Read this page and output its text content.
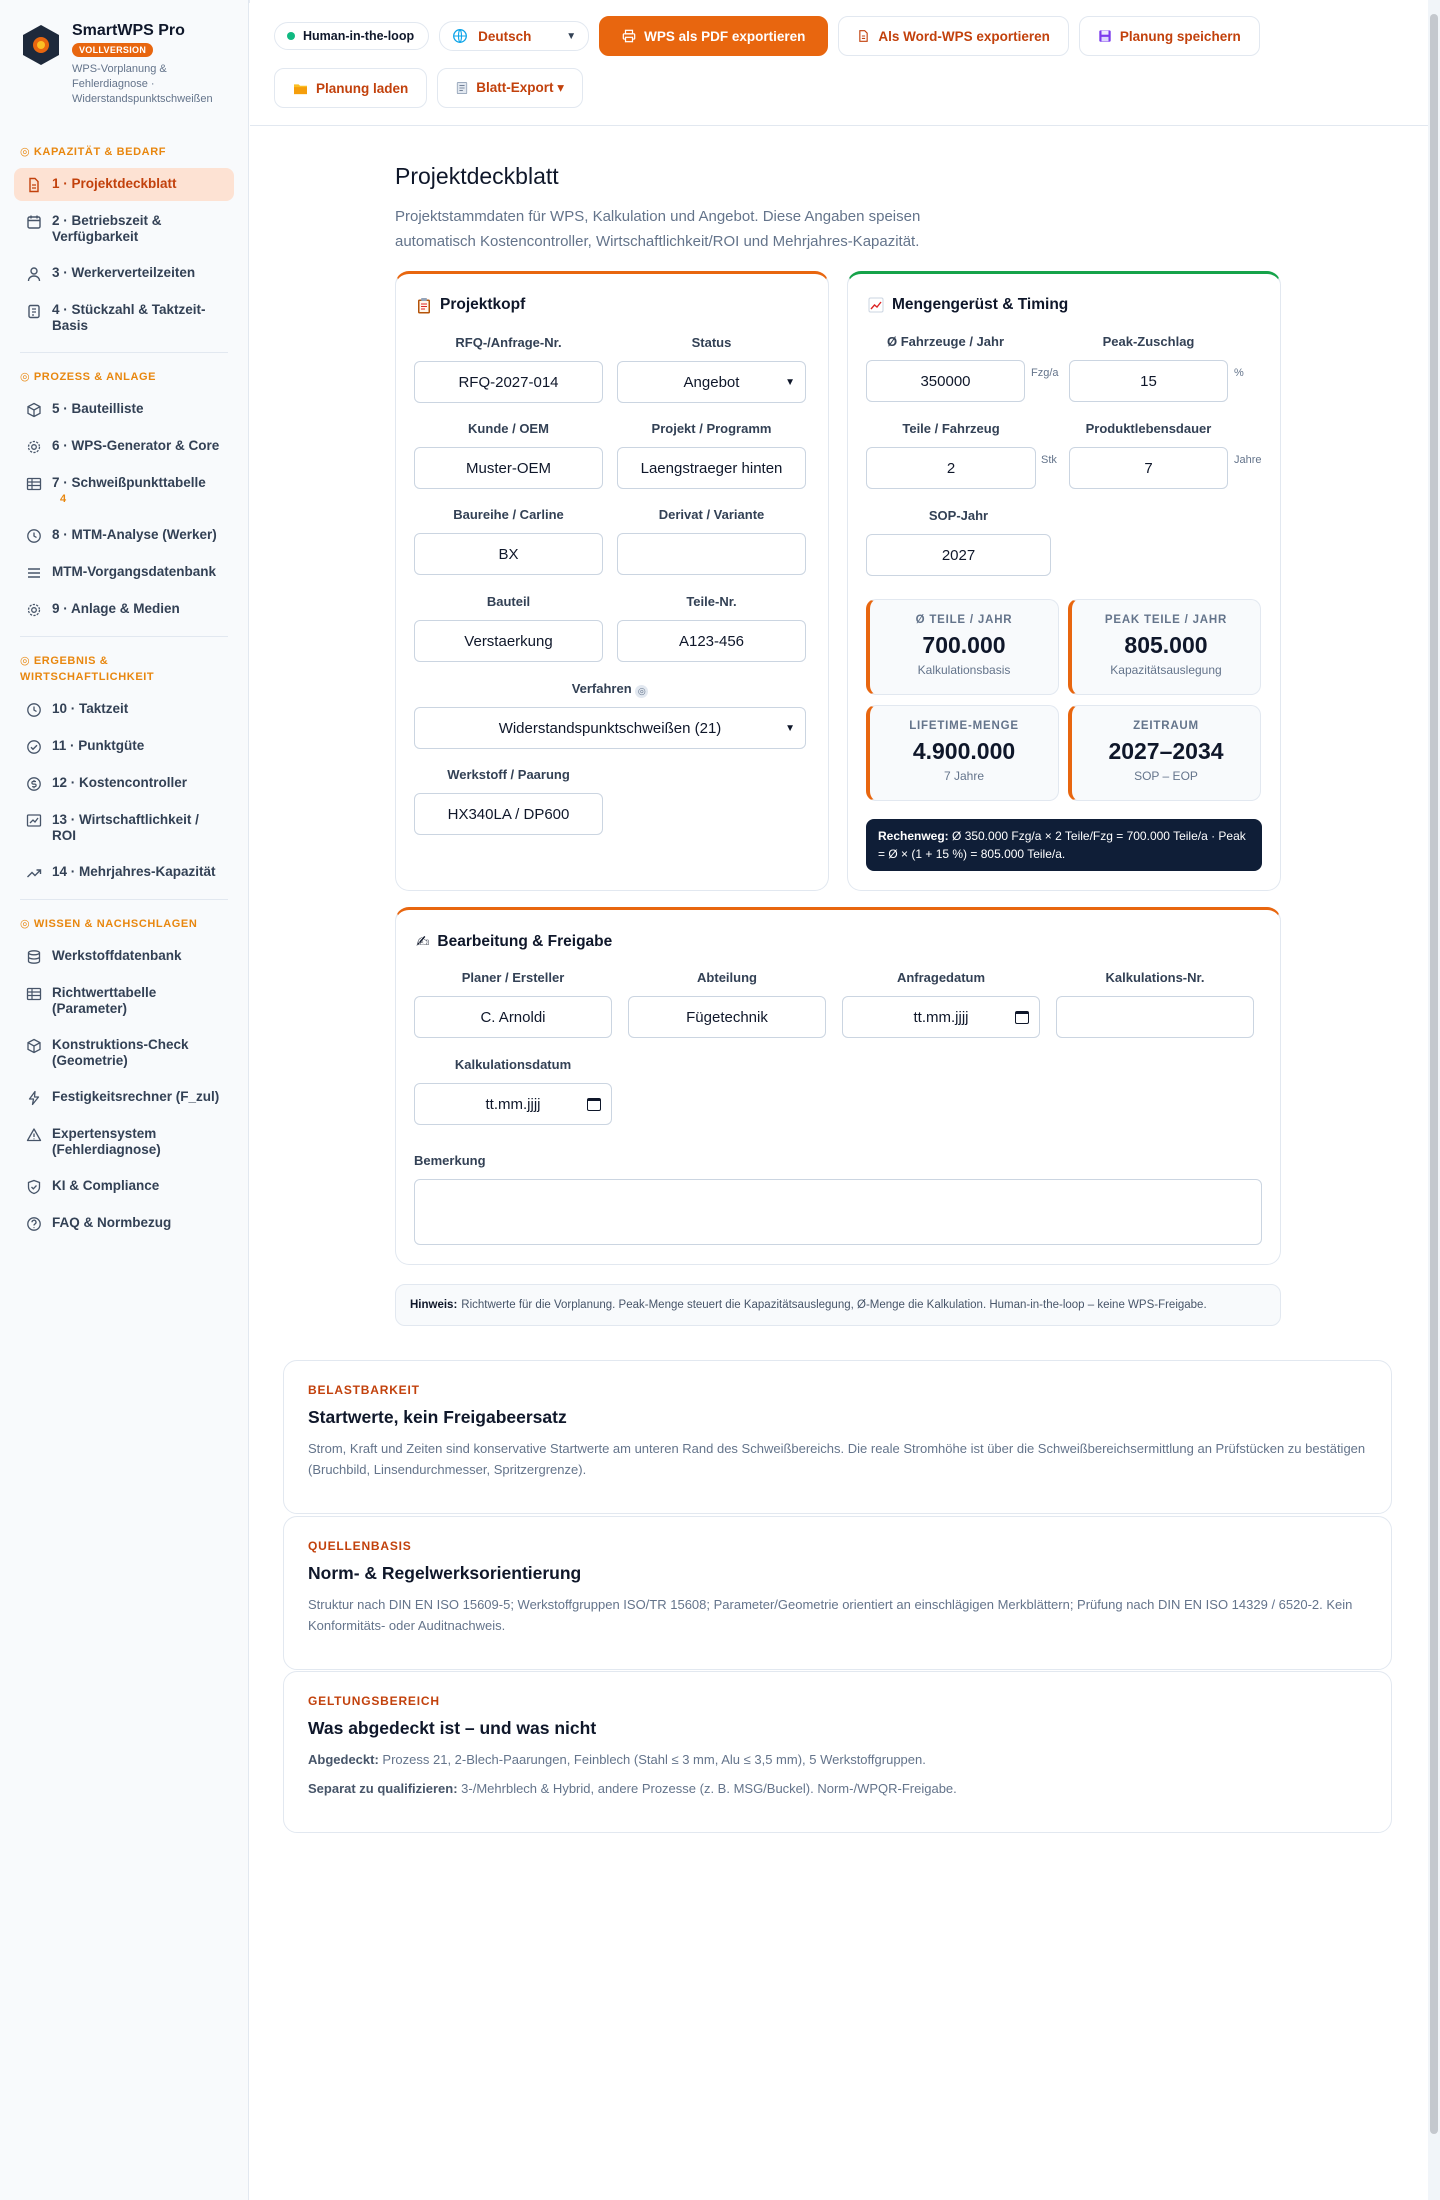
SmartWPS Pro
VOLLVERSION
WPS-Vorplanung & Fehlerdiagnose · Widerstandspunktschweißen
◎ KAPAZITÄT & BEDARF
1 · Projektdeckblatt
2 · Betriebszeit & Verfügbarkeit
3 · Werkerverteilzeiten
4 · Stückzahl & Taktzeit-Basis
◎ PROZESS & ANLAGE
5 · Bauteilliste
6 · WPS-Generator & Core
7 · Schweißpunkttabelle
4
8 · MTM-Analyse (Werker)
MTM-Vorgangsdatenbank
9 · Anlage & Medien
◎ ERGEBNIS & WIRTSCHAFTLICHKEIT
10 · Taktzeit
11 · Punktgüte
12 · Kostencontroller
13 · Wirtschaftlichkeit / ROI
14 · Mehrjahres-Kapazität
◎ WISSEN & NACHSCHLAGEN
Werkstoffdatenbank
Richtwerttabelle (Parameter)
Konstruktions-Check (Geometrie)
Festigkeitsrechner (F_zul)
Expertensystem (Fehlerdiagnose)
KI & Compliance
FAQ & Normbezug
Human-in-the-loop	Deutsch	▼	WPS als PDF exportieren	Als Word-WPS exportieren	Planung speichern
Planung laden	Blatt-Export ▾
Projektdeckblatt
Projektstammdaten für WPS, Kalkulation und Angebot. Diese Angaben speisen automatisch Kostencontroller, Wirtschaftlichkeit/ROI und Mehrjahres-Kapazität.
Projektkopf
RFQ-/Anfrage-Nr.
RFQ-2027-014
Status
Angebot	▼
Kunde / OEM
Muster-OEM
Projekt / Programm
Laengstraeger hinten
Baureihe / Carline
BX
Derivat / Variante
Bauteil
Verstaerkung
Teile-Nr.
A123-456
Verfahren ◎
Widerstandspunktschweißen (21)	▼
Werkstoff / Paarung
HX340LA / DP600
Mengengerüst & Timing
Ø Fahrzeuge / Jahr
350000	Fzg/a
Peak-Zuschlag
15	%
Teile / Fahrzeug
2	Stk
Produktlebensdauer
7	Jahre
SOP-Jahr
2027
Ø TEILE / JAHR
700.000
Kalkulationsbasis
PEAK TEILE / JAHR
805.000
Kapazitätsauslegung
LIFETIME-MENGE
4.900.000
7 Jahre
ZEITRAUM
2027–2034
SOP – EOP
Rechenweg: Ø 350.000 Fzg/a × 2 Teile/Fzg = 700.000 Teile/a · Peak = Ø × (1 + 15 %) = 805.000 Teile/a.
✍ Bearbeitung & Freigabe
Planer / Ersteller
C. Arnoldi
Abteilung
Fügetechnik
Anfragedatum
tt.mm.jjjj
Kalkulations-Nr.
Kalkulationsdatum
tt.mm.jjjj
Bemerkung
Hinweis: Richtwerte für die Vorplanung. Peak-Menge steuert die Kapazitätsauslegung, Ø-Menge die Kalkulation. Human-in-the-loop – keine WPS-Freigabe.
BELASTBARKEIT
Startwerte, kein Freigabeersatz
Strom, Kraft und Zeiten sind konservative Startwerte am unteren Rand des Schweißbereichs. Die reale Stromhöhe ist über die Schweißbereichsermittlung an Prüfstücken zu bestätigen (Bruchbild, Linsendurchmesser, Spritzergrenze).
QUELLENBASIS
Norm- & Regelwerksorientierung
Struktur nach DIN EN ISO 15609-5; Werkstoffgruppen ISO/TR 15608; Parameter/Geometrie orientiert an einschlägigen Merkblättern; Prüfung nach DIN EN ISO 14329 / 6520-2. Kein Konformitäts- oder Auditnachweis.
GELTUNGSBEREICH
Was abgedeckt ist – und was nicht
Abgedeckt: Prozess 21, 2-Blech-Paarungen, Feinblech (Stahl ≤ 3 mm, Alu ≤ 3,5 mm), 5 Werkstoffgruppen.
Separat zu qualifizieren: 3-/Mehrblech & Hybrid, andere Prozesse (z. B. MSG/Buckel). Norm-/WPQR-Freigabe.
